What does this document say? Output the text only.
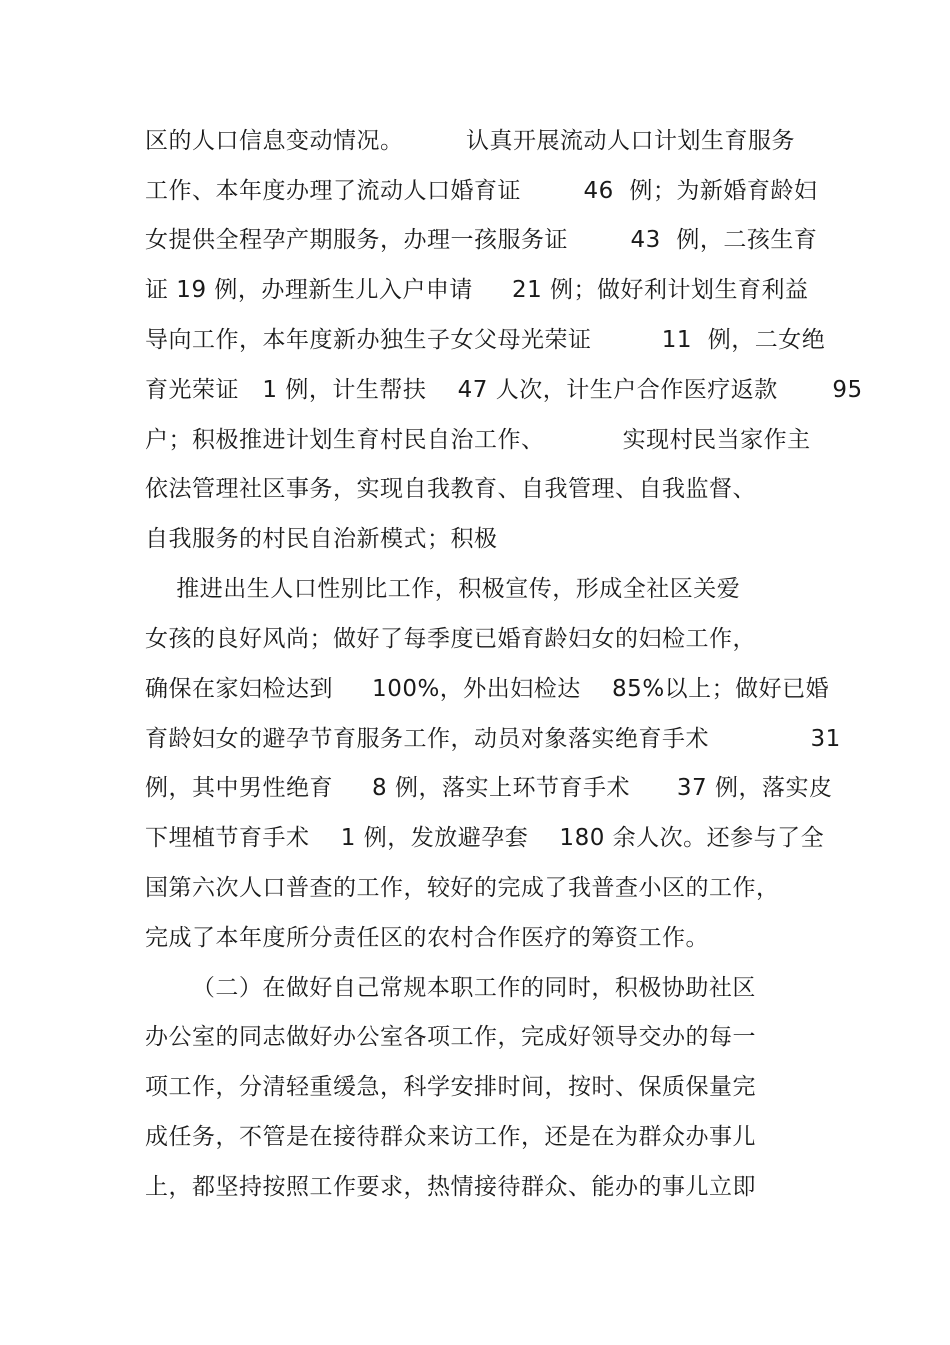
区的人口信息变动情况。        认真开展流动人口计划生育服务
工作、本年度办理了流动人口婚育证        46  例；为新婚育龄妇
女提供全程孕产期服务，办理一孩服务证        43  例，二孩生育
证 19 例，办理新生儿入户申请     21 例；做好利计划生育利益
导向工作，本年度新办独生子女父母光荣证         11  例，二女绝
育光荣证   1 例，计生帮扶    47 人次，计生户合作医疗返款       95
户；积极推进计划生育村民自治工作、          实现村民当家作主
依法管理社区事务，实现自我教育、自我管理、自我监督、
自我服务的村民自治新模式；积极
推进出生人口性别比工作，积极宣传，形成全社区关爱
女孩的良好风尚；做好了每季度已婚育龄妇女的妇检工作，
确保在家妇检达到     100%，外出妇检达    85%以上；做好已婚
育龄妇女的避孕节育服务工作，动员对象落实绝育手术             31
例，其中男性绝育     8 例，落实上环节育手术      37 例，落实皮
下埋植节育手术    1 例，发放避孕套    180 余人次。还参与了全
国第六次人口普查的工作，较好的完成了我普查小区的工作，
完成了本年度所分责任区的农村合作医疗的筹资工作。
（二）在做好自己常规本职工作的同时，积极协助社区
办公室的同志做好办公室各项工作，完成好领导交办的每一
项工作，分清轻重缓急，科学安排时间，按时、保质保量完
成任务，不管是在接待群众来访工作，还是在为群众办事儿
上，都坚持按照工作要求，热情接待群众、能办的事儿立即
